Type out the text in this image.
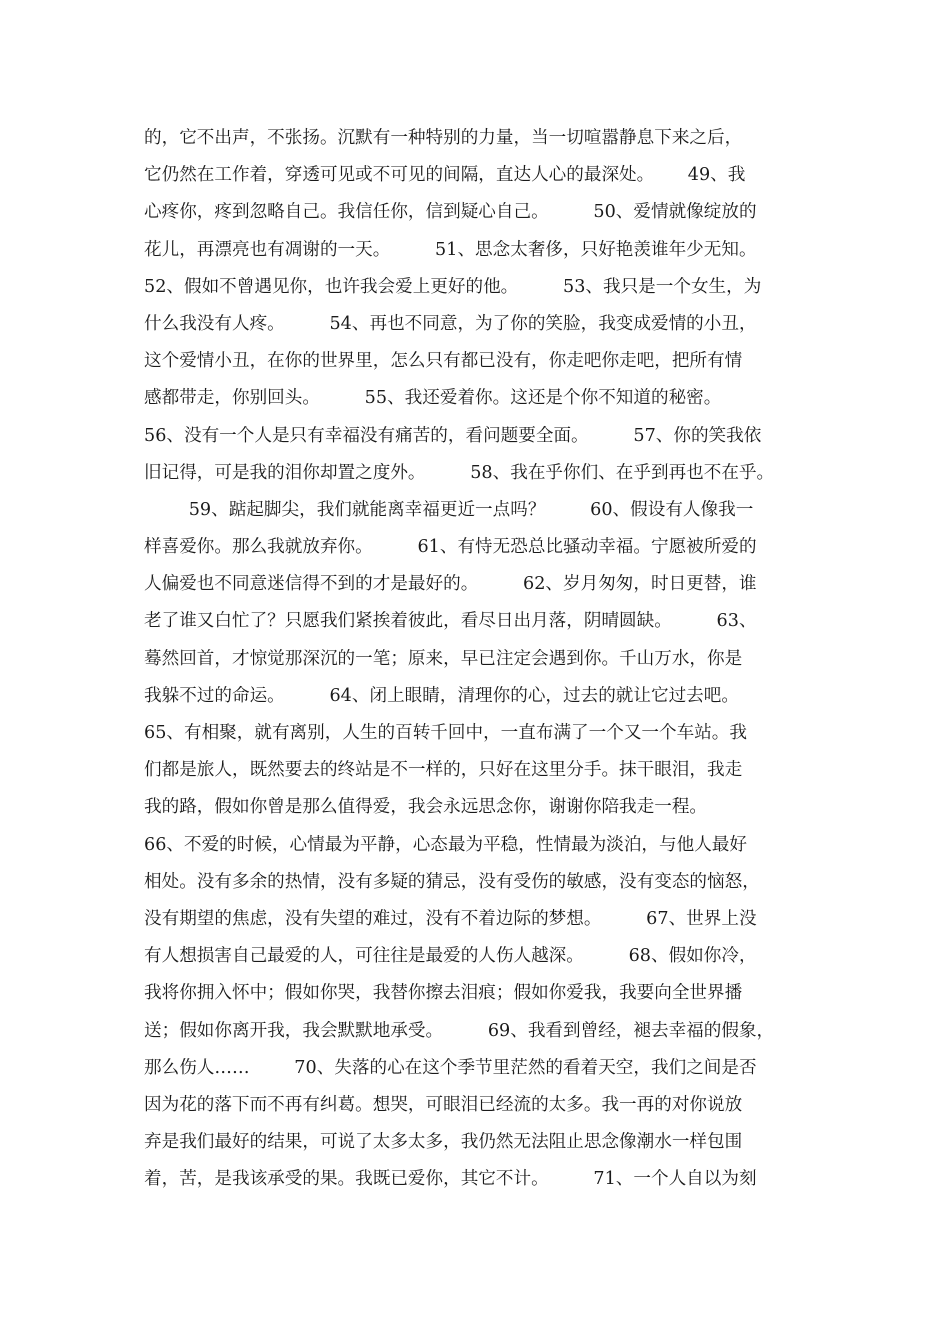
的，它不出声，不张扬。沉默有一种特别的力量，当一切喧嚣静息下来之后，
它仍然在工作着，穿透可见或不可见的间隔，直达人心的最深处。      49、我
心疼你，疼到忽略自己。我信任你，信到疑心自己。        50、爱情就像绽放的
花儿，再漂亮也有凋谢的一天。        51、思念太奢侈，只好艳羡谁年少无知。
52、假如不曾遇见你，也许我会爱上更好的他。        53、我只是一个女生，为
什么我没有人疼。        54、再也不同意，为了你的笑脸，我变成爱情的小丑，
这个爱情小丑，在你的世界里，怎么只有都已没有，你走吧你走吧，把所有情
感都带走，你别回头。        55、我还爱着你。这还是个你不知道的秘密。
56、没有一个人是只有幸福没有痛苦的，看问题要全面。        57、你的笑我依
旧记得，可是我的泪你却置之度外。        58、我在乎你们、在乎到再也不在乎。
59、踮起脚尖，我们就能离幸福更近一点吗？        60、假设有人像我一
样喜爱你。那么我就放弃你。        61、有恃无恐总比骚动幸福。宁愿被所爱的
人偏爱也不同意迷信得不到的才是最好的。        62、岁月匆匆，时日更替，谁
老了谁又白忙了？只愿我们紧挨着彼此，看尽日出月落，阴晴圆缺。        63、
蓦然回首，才惊觉那深沉的一笔；原来，早已注定会遇到你。千山万水，你是
我躲不过的命运。        64、闭上眼睛，清理你的心，过去的就让它过去吧。
65、有相聚，就有离别，人生的百转千回中，一直布满了一个又一个车站。我
们都是旅人，既然要去的终站是不一样的，只好在这里分手。抹干眼泪，我走
我的路，假如你曾是那么值得爱，我会永远思念你，谢谢你陪我走一程。
66、不爱的时候，心情最为平静，心态最为平稳，性情最为淡泊，与他人最好
相处。没有多余的热情，没有多疑的猜忌，没有受伤的敏感，没有变态的恼怒，
没有期望的焦虑，没有失望的难过，没有不着边际的梦想。        67、世界上没
有人想损害自己最爱的人，可往往是最爱的人伤人越深。        68、假如你冷，
我将你拥入怀中；假如你哭，我替你擦去泪痕；假如你爱我，我要向全世界播
送；假如你离开我，我会默默地承受。        69、我看到曾经，褪去幸福的假象，
那么伤人……        70、失落的心在这个季节里茫然的看着天空，我们之间是否
因为花的落下而不再有纠葛。想哭，可眼泪已经流的太多。我一再的对你说放
弃是我们最好的结果，可说了太多太多，我仍然无法阻止思念像潮水一样包围
着，苦，是我该承受的果。我既已爱你，其它不计。        71、一个人自以为刻
